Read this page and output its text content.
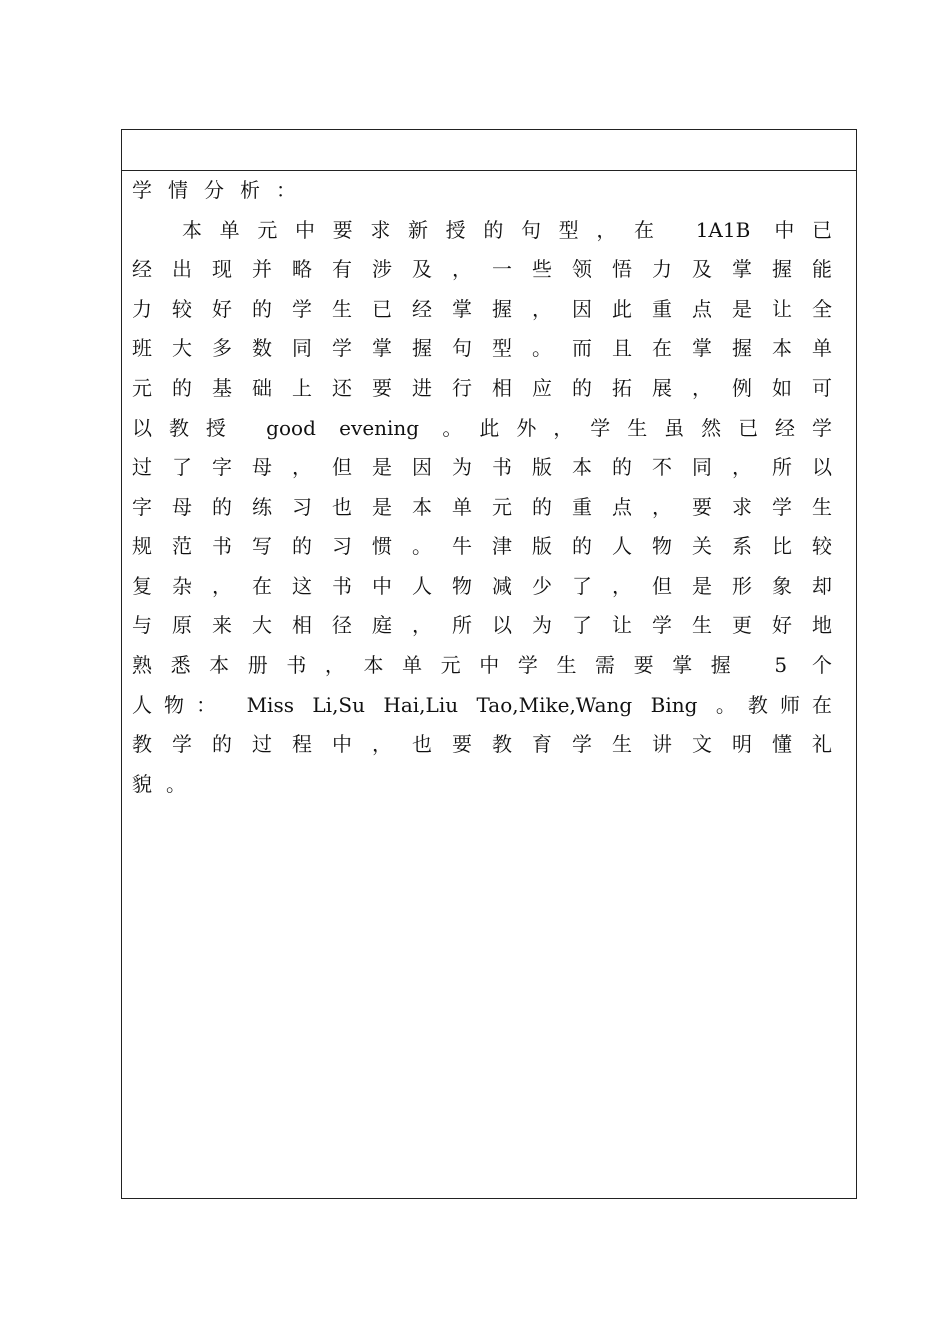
学情分析：
本单元中要求新授的句型，在 1A1B 中已
经出现并略有涉及，一些领悟力及掌握能
力较好的学生已经掌握，因此重点是让全
班大多数同学掌握句型。而且在掌握本单
元的基础上还要进行相应的拓展，例如可
以教授 good evening 。此外，学生虽然已经学
过了字母，但是因为书版本的不同，所以
字母的练习也是本单元的重点，要求学生
规范书写的习惯。牛津版的人物关系比较
复杂，在这书中人物减少了，但是形象却
与原来大相径庭，所以为了让学生更好地
熟悉本册书，本单元中学生需要掌握 5 个
人物： Miss Li,Su Hai,Liu Tao,Mike,Wang Bing 。教师在
教学的过程中，也要教育学生讲文明懂礼
貌。
